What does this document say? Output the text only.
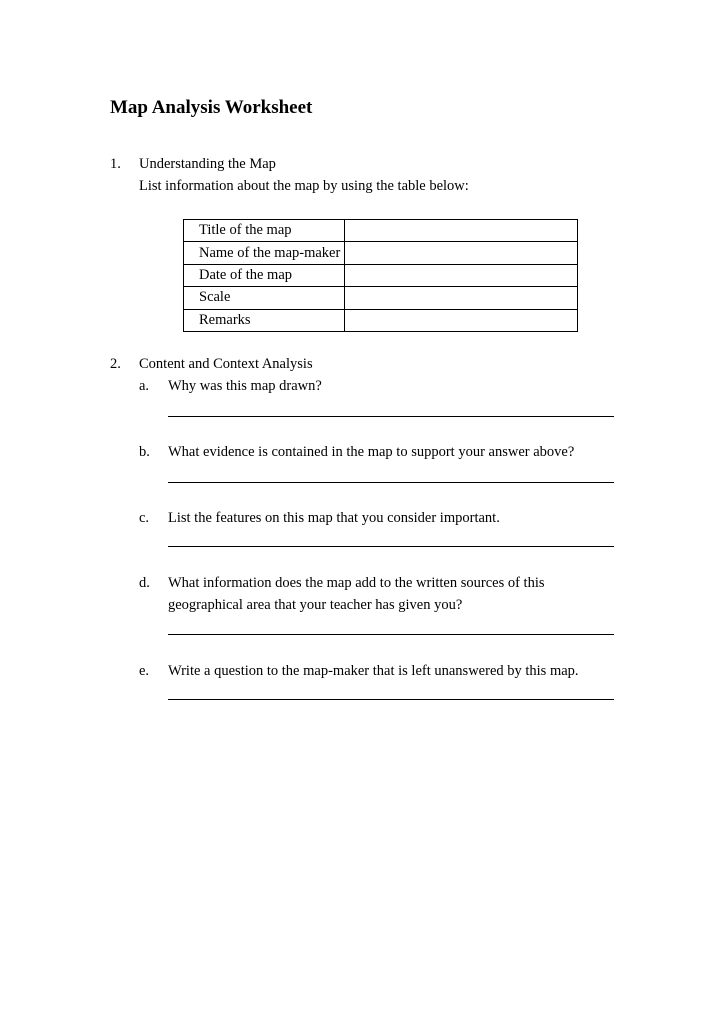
Map Analysis Worksheet
1. Understanding the Map
List information about the map by using the table below:
Title of the map	
Name of the map-maker	
Date of the map	
Scale	
Remarks	
2. Content and Context Analysis
a. Why was this map drawn?
b. What evidence is contained in the map to support your answer above?
c. List the features on this map that you consider important.
d. What information does the map add to the written sources of this
geographical area that your teacher has given you?
e. Write a question to the map-maker that is left unanswered by this map.
